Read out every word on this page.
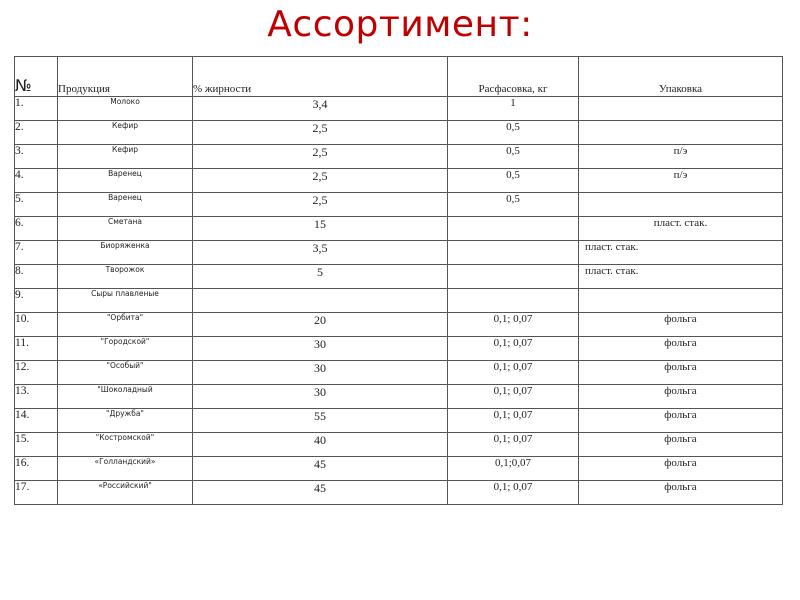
Ассортимент:
№	Продукция	% жирности	Расфасовка, кг	Упаковка
1.	Молоко	3,4	1	
2.	Кефир	2,5	0,5	
3.	Кефир	2,5	0,5	п/э
4.	Варенец	2,5	0,5	п/э
5.	Варенец	2,5	0,5	
6.	Сметана	15		пласт. стак.
7.	Биоряженка	3,5		пласт. стак.
8.	Творожок	5		пласт. стак.
9.	Сыры плавленые			
10.	"Орбита"	20	0,1; 0,07	фольга
11.	"Городской"	30	0,1; 0,07	фольга
12.	"Особый"	30	0,1; 0,07	фольга
13.	"Шоколадный	30	0,1; 0,07	фольга
14.	"Дружба"	55	0,1; 0,07	фольга
15.	"Костромской"	40	0,1; 0,07	фольга
16.	«Голландский»	45	0,1;0,07	фольга
17.	«Российский"	45	0,1; 0,07	фольга
